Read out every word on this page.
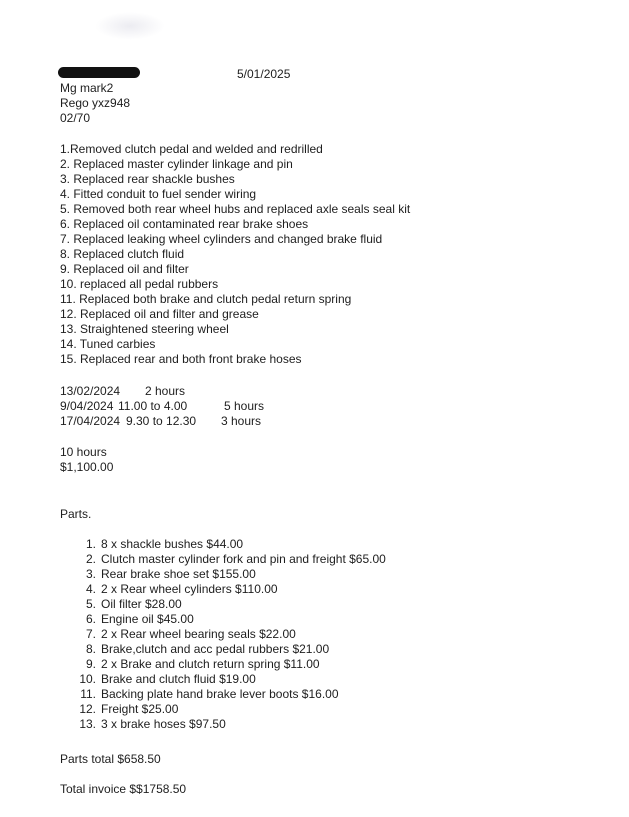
5/01/2025
Mg mark2
Rego yxz948
02/70
1.Removed clutch pedal and welded and redrilled
2. Replaced master cylinder linkage and pin
3. Replaced rear shackle bushes
4. Fitted conduit to fuel sender wiring
5. Removed both rear wheel hubs and replaced axle seals seal kit
6. Replaced oil contaminated rear brake shoes
7. Replaced leaking wheel cylinders and changed brake fluid
8. Replaced clutch fluid
9. Replaced oil and filter
10. replaced all pedal rubbers
11. Replaced both brake and clutch pedal return spring
12. Replaced oil and filter and grease
13. Straightened steering wheel
14. Tuned carbies
15. Replaced rear and both front brake hoses
13/02/2024 2 hours
9/04/2024 11.00 to 4.00	5 hours
17/04/2024 9.30 to 12.30 3 hours
10 hours
$1,100.00
Parts.
1. 8 x shackle bushes $44.00
2. Clutch master cylinder fork and pin and freight $65.00
3. Rear brake shoe set $155.00
4. 2 x Rear wheel cylinders $110.00
5. Oil filter $28.00
6. Engine oil $45.00
7. 2 x Rear wheel bearing seals $22.00
8. Brake,clutch and acc pedal rubbers $21.00
9. 2 x Brake and clutch return spring $11.00
10. Brake and clutch fluid $19.00
11. Backing plate hand brake lever boots $16.00
12. Freight $25.00
13. 3 x brake hoses $97.50
Parts total $658.50
Total invoice $$1758.50
